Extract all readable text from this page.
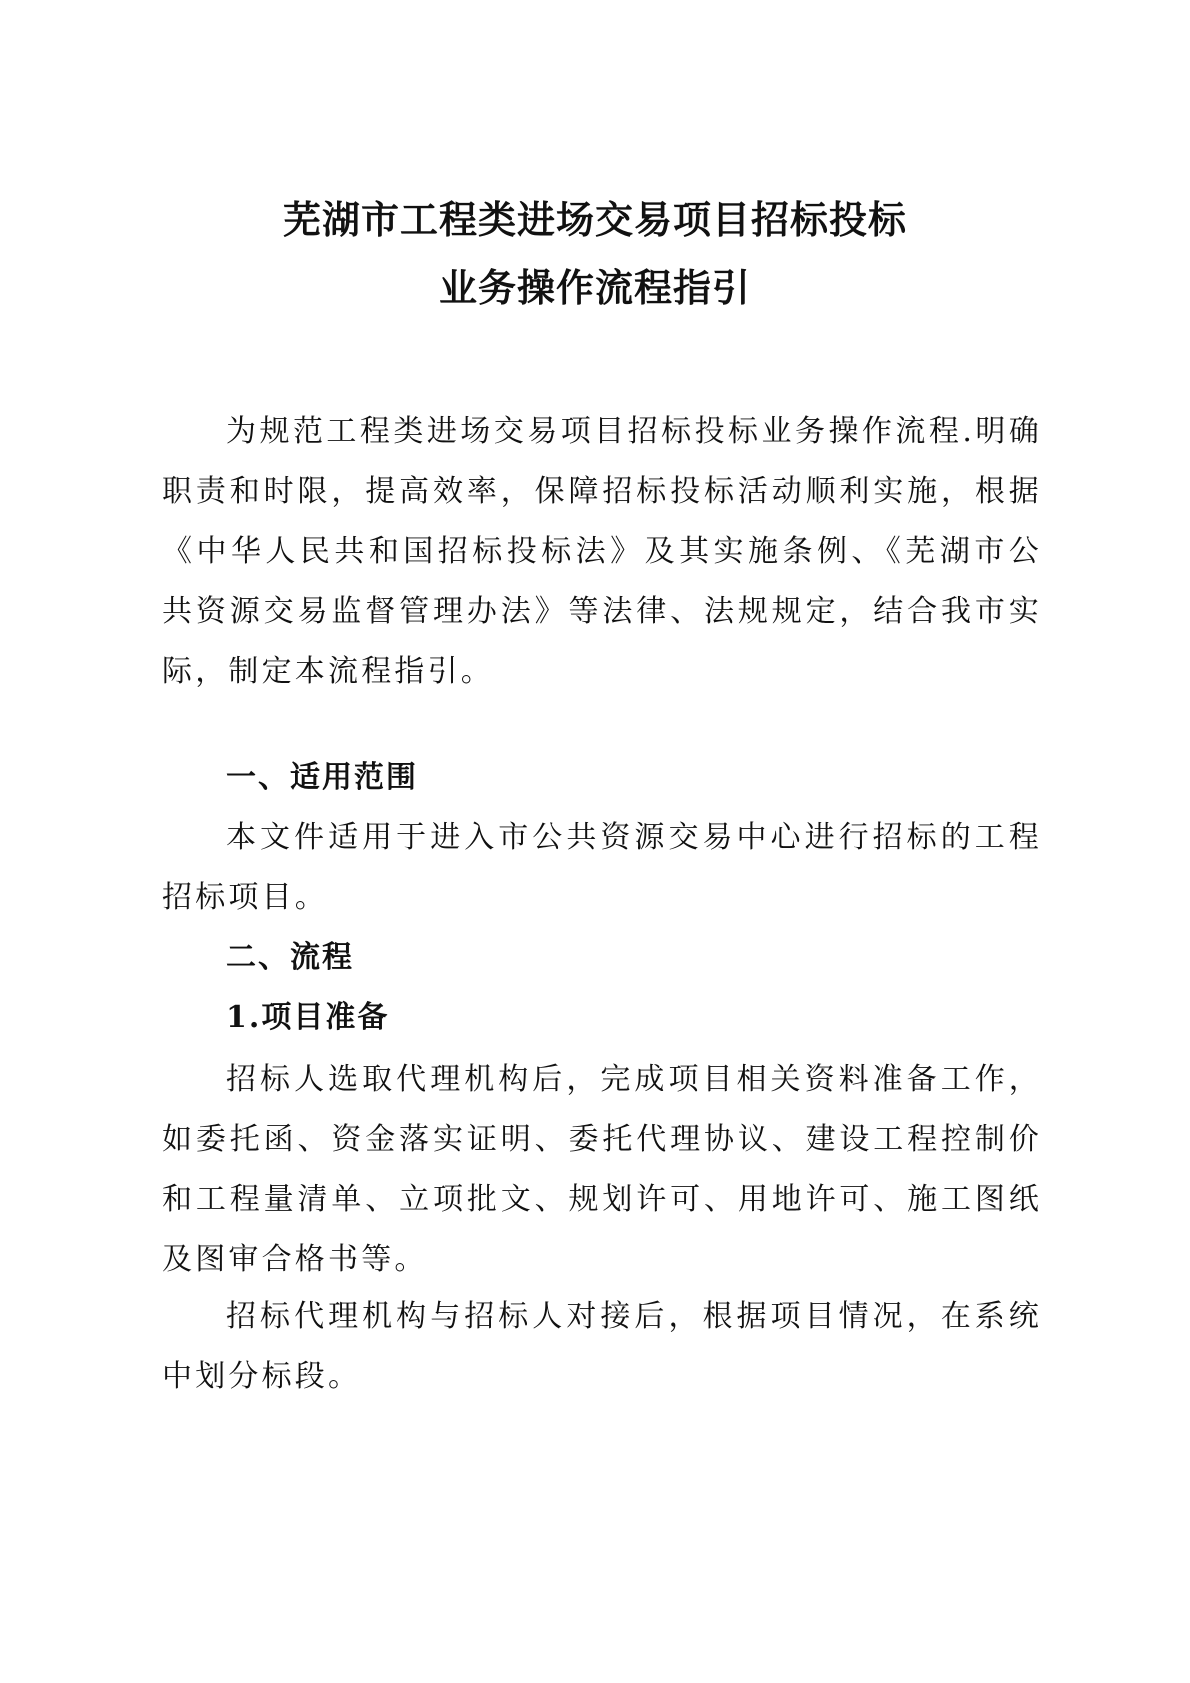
芜湖市工程类进场交易项目招标投标
业务操作流程指引

为规范工程类进场交易项目招标投标业务操作流程.明确职责和时限，提高效率，保障招标投标活动顺利实施，根据《中华人民共和国招标投标法》及其实施条例、《芜湖市公共资源交易监督管理办法》等法律、法规规定，结合我市实际，制定本流程指引。

一、适用范围

本文件适用于进入市公共资源交易中心进行招标的工程招标项目。

二、流程
1.项目准备

招标人选取代理机构后，完成项目相关资料准备工作，如委托函、资金落实证明、委托代理协议、建设工程控制价和工程量清单、立项批文、规划许可、用地许可、施工图纸及图审合格书等。

招标代理机构与招标人对接后，根据项目情况，在系统中划分标段。
